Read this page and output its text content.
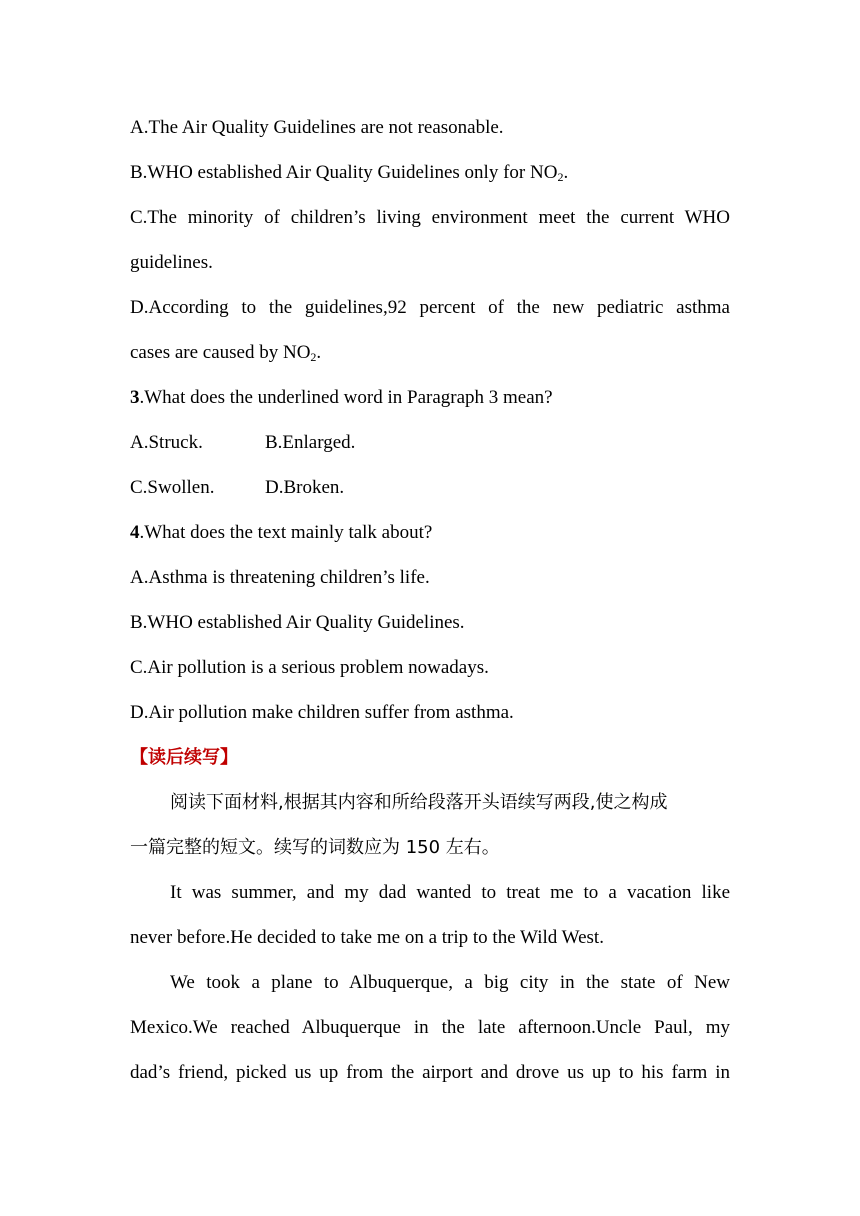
A.The Air Quality Guidelines are not reasonable.
B.WHO established Air Quality Guidelines only for NO2.
C.The minority of children’s living environment meet the current WHO
guidelines.
D.According to the guidelines,92 percent of the new pediatric asthma
cases are caused by NO2.
3.What does the underlined word in Paragraph 3 mean?
A.Struck.	B.Enlarged.
C.Swollen.	D.Broken.
4.What does the text mainly talk about?
A.Asthma is threatening children’s life.
B.WHO established Air Quality Guidelines.
C.Air pollution is a serious problem nowadays.
D.Air pollution make children suffer from asthma.
【读后续写】
阅读下面材料,根据其内容和所给段落开头语续写两段,使之构成
一篇完整的短文。续写的词数应为 150 左右。
It was summer, and my dad wanted to treat me to a vacation like
never before.He decided to take me on a trip to the Wild West.
We took a plane to Albuquerque, a big city in the state of New
Mexico.We reached Albuquerque in the late afternoon.Uncle Paul, my
dad’s friend, picked us up from the airport and drove us up to his farm in
